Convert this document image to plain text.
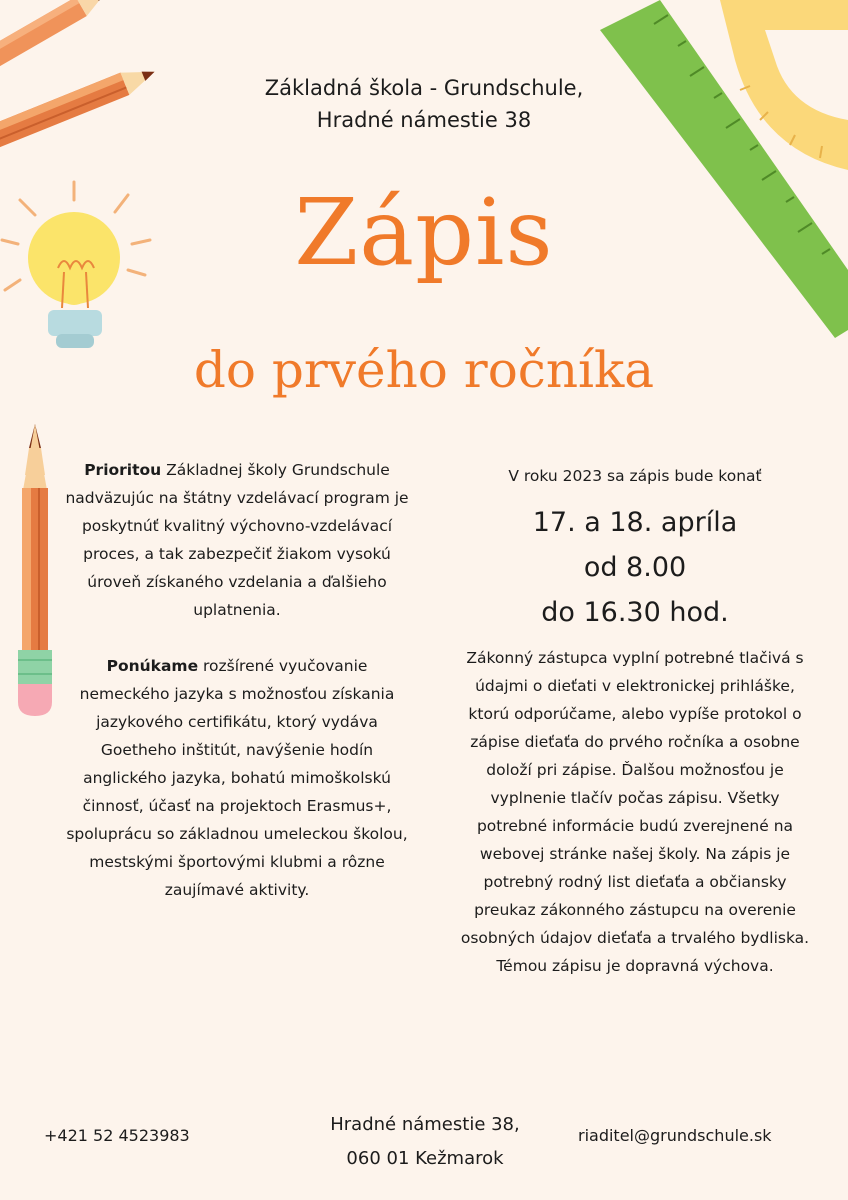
Základná škola - Grundschule,
Hradné námestie 38
Zápis
do prvého ročníka

Prioritou Základnej školy Grundschule nadväzujúc na štátny vzdelávací program je poskytnúť kvalitný výchovno-vzdelávací proces, a tak zabezpečiť žiakom vysokú úroveň získaného vzdelania a ďalšieho uplatnenia.

Ponúkame rozšírené vyučovanie nemeckého jazyka s možnosťou získania jazykového certifikátu, ktorý vydáva Goetheho inštitút, navýšenie hodín anglického jazyka, bohatú mimoškolskú činnosť, účasť na projektoch Erasmus+, spoluprácu so základnou umeleckou školou, mestskými športovými klubmi a rôzne zaujímavé aktivity.

V roku 2023 sa zápis bude konať
17. a 18. apríla
od 8.00
do 16.30 hod.
Zákonný zástupca vyplní potrebné tlačivá s údajmi o dieťati v elektronickej prihláške, ktorú odporúčame, alebo vypíše protokol o zápise dieťaťa do prvého ročníka a osobne doloží pri zápise. Ďalšou možnosťou je vyplnenie tlačív počas zápisu. Všetky potrebné informácie budú zverejnené na webovej stránke našej školy. Na zápis je potrebný rodný list dieťaťa a občiansky preukaz zákonného zástupcu na overenie osobných údajov dieťaťa a trvalého bydliska. Témou zápisu je dopravná výchova.
+421 52 4523983
Hradné námestie 38,
060 01 Kežmarok
riaditel@grundschule.sk
